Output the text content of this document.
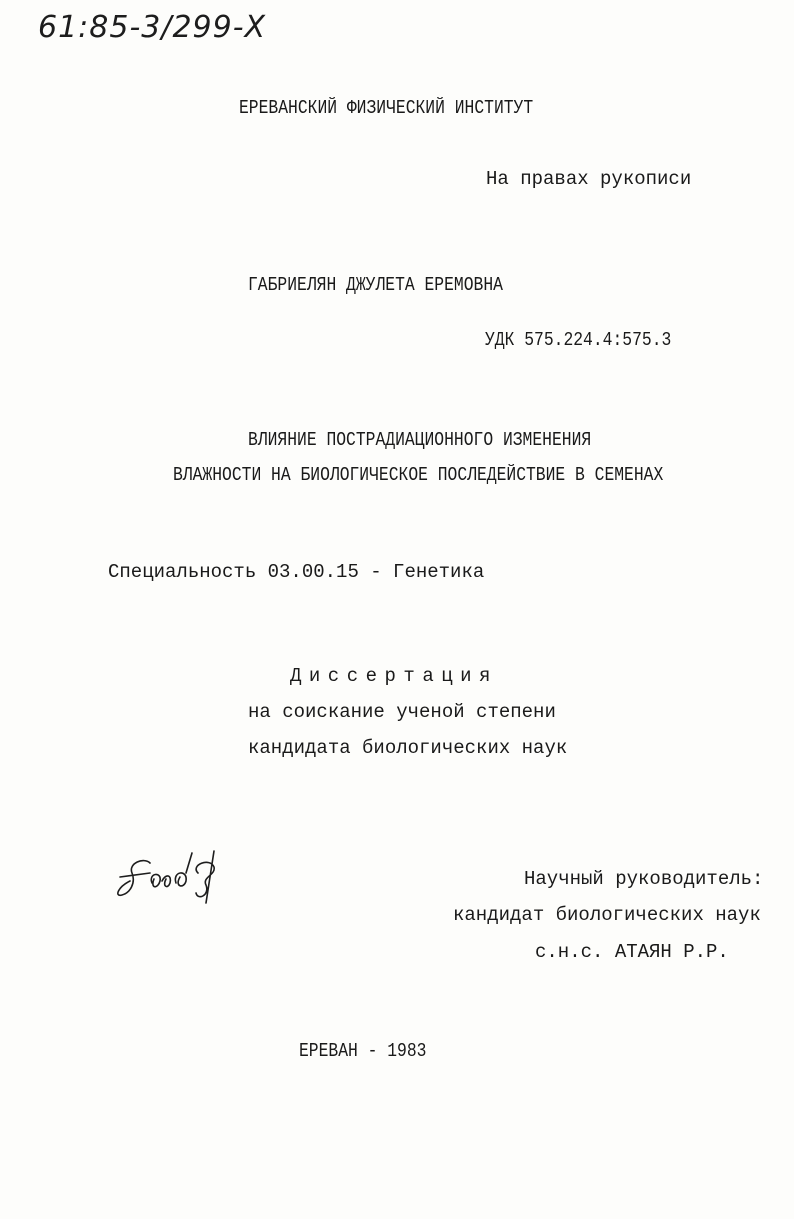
61:85-3/299-Х
ЕРЕВАНСКИЙ ФИЗИЧЕСКИЙ ИНСТИТУТ
На правах рукописи
ГАБРИЕЛЯН ДЖУЛЕТА ЕРЕМОВНА
УДК 575.224.4:575.3
ВЛИЯНИЕ ПОСТРАДИАЦИОННОГО ИЗМЕНЕНИЯ
ВЛАЖНОСТИ НА БИОЛОГИЧЕСКОЕ ПОСЛЕДЕЙСТВИЕ В СЕМЕНАХ
Специальность 03.00.15 - Генетика
Диссертация
на соискание ученой степени
кандидата биологических наук
Научный руководитель:
кандидат биологических наук
с.н.с. АТАЯН Р.Р.
ЕРЕВАН - 1983
